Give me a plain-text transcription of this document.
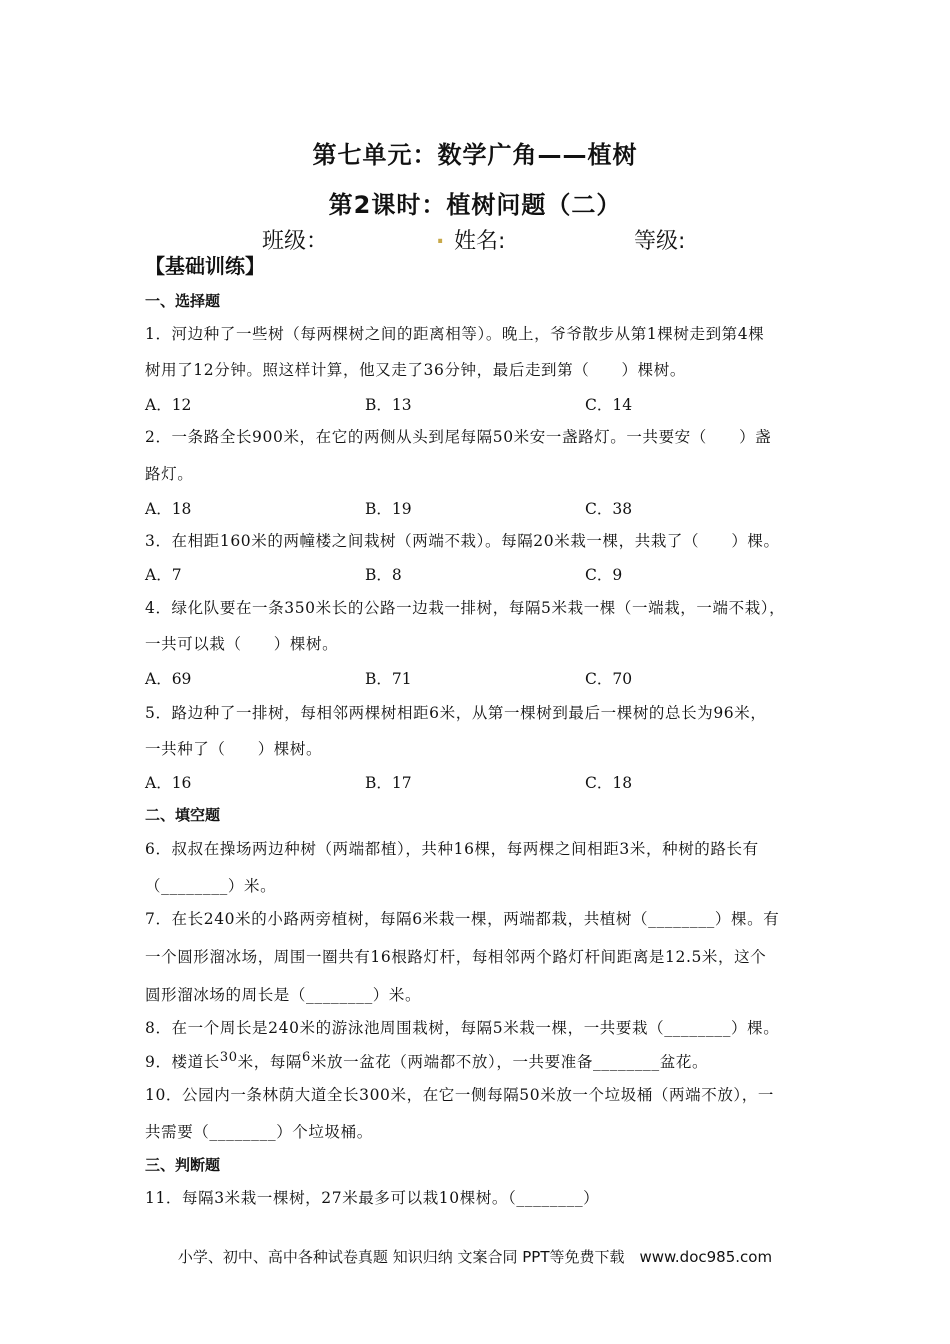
第七单元：数学广角——植树
第2课时：植树问题（二）
班级：	. 姓名:	等级:
【基础训练】
一、选择题
1．河边种了一些树（每两棵树之间的距离相等）。晚上，爷爷散步从第1棵树走到第4棵
树用了12分钟。照这样计算，他又走了36分钟，最后走到第（　　）棵树。
A．12	B．13	C．14
2．一条路全长900米，在它的两侧从头到尾每隔50米安一盏路灯。一共要安（　　）盏
路灯。
A．18	B．19	C．38
3．在相距160米的两幢楼之间栽树（两端不栽）。每隔20米栽一棵，共栽了（　　）棵。
A．7	B．8	C．9
4．绿化队要在一条350米长的公路一边栽一排树，每隔5米栽一棵（一端栽，一端不栽），
一共可以栽（　　）棵树。
A．69	B．71	C．70
5．路边种了一排树，每相邻两棵树相距6米，从第一棵树到最后一棵树的总长为96米，
一共种了（　　）棵树。
A．16	B．17	C．18
二、填空题
6．叔叔在操场两边种树（两端都植），共种16棵，每两棵之间相距3米，种树的路长有
（________）米。
7．在长240米的小路两旁植树，每隔6米栽一棵，两端都栽，共植树（________）棵。有
一个圆形溜冰场，周围一圈共有16根路灯杆，每相邻两个路灯杆间距离是12.5米，这个
圆形溜冰场的周长是（________）米。
8．在一个周长是240米的游泳池周围栽树，每隔5米栽一棵，一共要栽（________）棵。
9．楼道长$^{30}$米，每隔$^6$米放一盆花（两端都不放），一共要准备________盆花。
10．公园内一条林荫大道全长300米，在它一侧每隔50米放一个垃圾桶（两端不放），一
共需要（________）个垃圾桶。
三、判断题
11．每隔3米栽一棵树，27米最多可以栽10棵树。（________）
小学、初中、高中各种试卷真题 知识归纳 文案合同 PPT等免费下载　www.doc985.com
